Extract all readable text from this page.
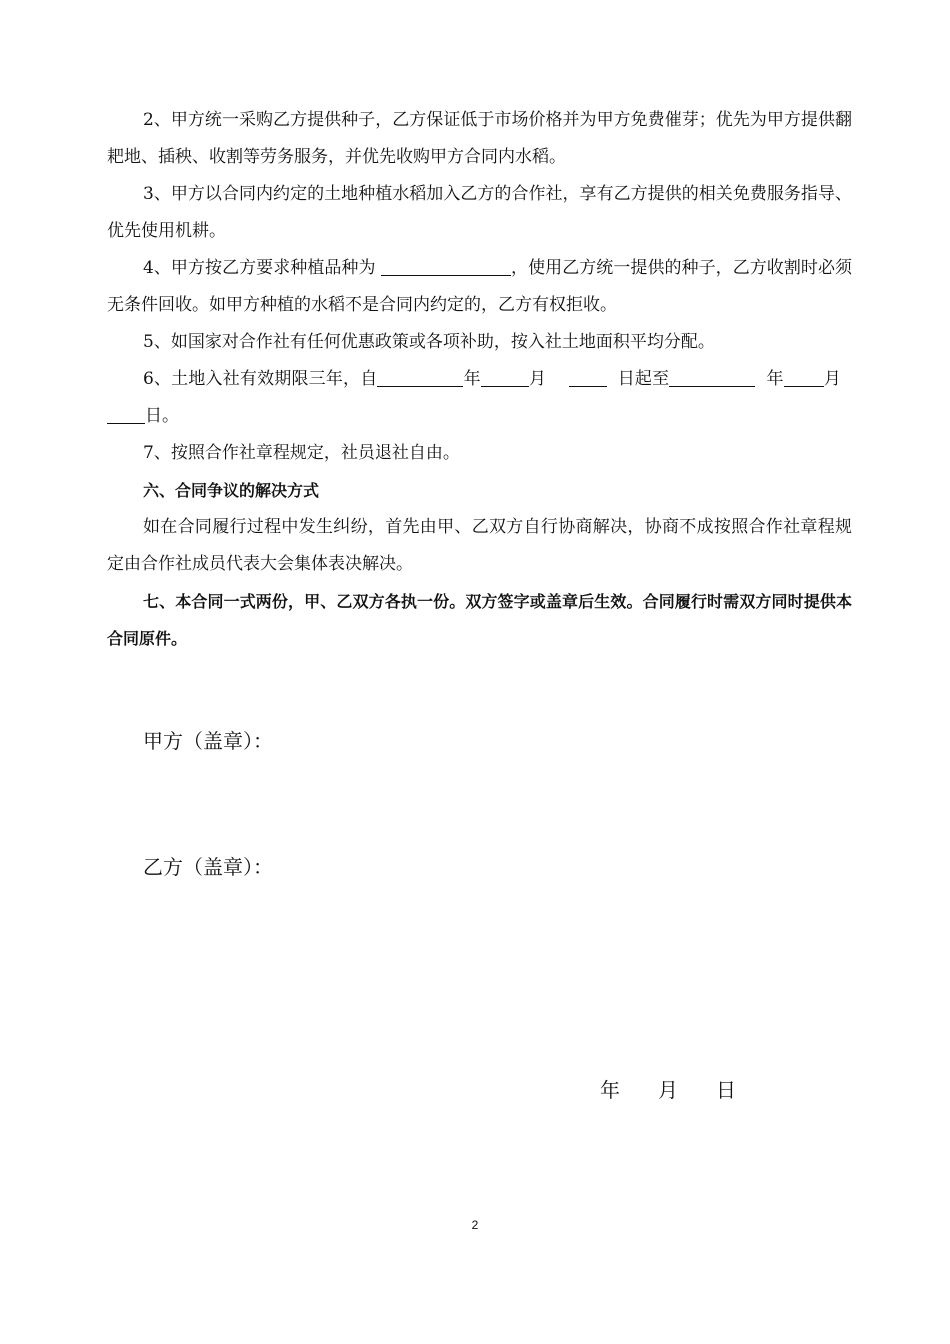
2、甲方统一采购乙方提供种子，乙方保证低于市场价格并为甲方免费催芽；优先为甲方提供翻耙地、插秧、收割等劳务服务，并优先收购甲方合同内水稻。

3、甲方以合同内约定的土地种植水稻加入乙方的合作社，享有乙方提供的相关免费服务指导、优先使用机耕。

4、甲方按乙方要求种植品种为	，使用乙方统一提供的种子，乙方收割时必须无条件回收。如甲方种植的水稻不是合同内约定的，乙方有权拒收。

5、如国家对合作社有任何优惠政策或各项补助，按入社土地面积平均分配。

6、土地入社有效期限三年，自	年	月	日起至	年 月  日。

7、按照合作社章程规定，社员退社自由。

六、合同争议的解决方式

如在合同履行过程中发生纠纷，首先由甲、乙双方自行协商解决，协商不成按照合作社章程规定由合作社成员代表大会集体表决解决。

七、本合同一式两份，甲、乙双方各执一份。双方签字或盖章后生效。合同履行时需双方同时提供本合同原件。

甲方（盖章）：
乙方（盖章）：
年 月 日
2
